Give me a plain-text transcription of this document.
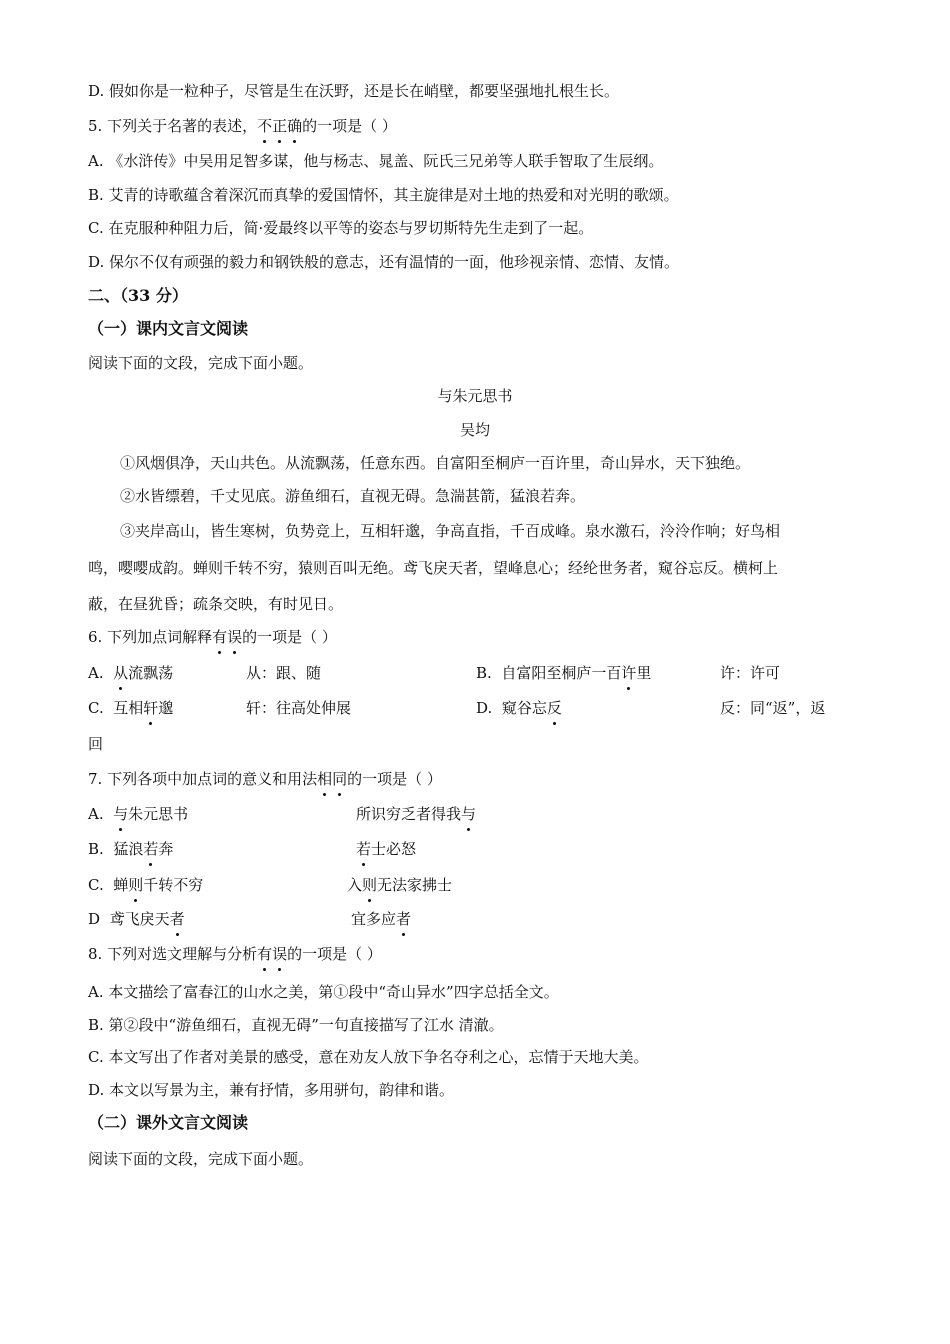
D. 假如你是一粒种子，尽管是生在沃野，还是长在峭壁，都要坚强地扎根生长。
5. 下列关于名著的表述，不正确的一项是（ ）
A. 《水浒传》中吴用足智多谋，他与杨志、晁盖、阮氏三兄弟等人联手智取了生辰纲。
B. 艾青的诗歌蕴含着深沉而真挚的爱国情怀，其主旋律是对土地的热爱和对光明的歌颂。
C. 在克服种种阻力后，简·爱最终以平等的姿态与罗切斯特先生走到了一起。
D. 保尔不仅有顽强的毅力和钢铁般的意志，还有温情的一面，他珍视亲情、恋情、友情。
二、（33 分）
（一）课内文言文阅读
阅读下面的文段，完成下面小题。
与朱元思书
吴均
①风烟俱净，天山共色。从流飘荡，任意东西。自富阳至桐庐一百许里，奇山异水，天下独绝。
②水皆缥碧，千丈见底。游鱼细石，直视无碍。急湍甚箭，猛浪若奔。
③夹岸高山，皆生寒树，负势竞上，互相轩邈，争高直指，千百成峰。泉水激石，泠泠作响；好鸟相
鸣，嘤嘤成韵。蝉则千转不穷，猿则百叫无绝。鸢飞戾天者，望峰息心；经纶世务者，窥谷忘反。横柯上
蔽，在昼犹昏；疏条交映，有时见日。
6. 下列加点词解释有误的一项是（ ）
A. 从流飘荡	从：跟、随	B. 自富阳至桐庐一百许里	许：许可
C. 互相轩邈	轩：往高处伸展	D. 窥谷忘反	反：同“返”，返
回
7. 下列各项中加点词的意义和用法相同的一项是（ ）
A. 与朱元思书	所识穷乏者得我与
B. 猛浪若奔	若士必怒
C. 蝉则千转不穷	入则无法家拂士
D 鸢飞戾天者	宜多应者
8. 下列对选文理解与分析有误的一项是（ ）
A. 本文描绘了富春江的山水之美，第①段中“奇山异水”四字总括全文。
B. 第②段中“游鱼细石，直视无碍”一句直接描写了江水 清澈。
C. 本文写出了作者对美景的感受，意在劝友人放下争名夺利之心，忘情于天地大美。
D. 本文以写景为主，兼有抒情，多用骈句，韵律和谐。
（二）课外文言文阅读
阅读下面的文段，完成下面小题。
